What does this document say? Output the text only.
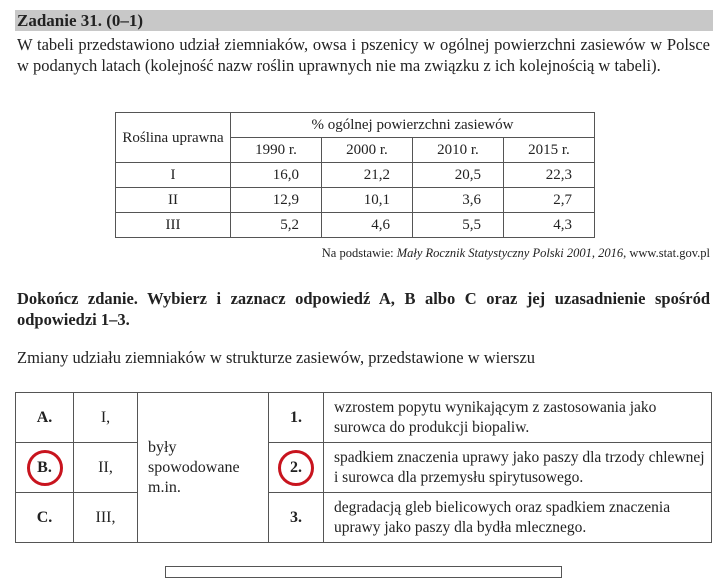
Zadanie 31. (0–1)
W tabeli przedstawiono udział ziemniaków, owsa i pszenicy w ogólnej powierzchni zasiewów w Polsce w podanych latach (kolejność nazw roślin uprawnych nie ma związku z ich kolejnością w tabeli).
Roślina uprawna	% ogólnej powierzchni zasiewów			
	1990 r.	2000 r.	2010 r.	2015 r.
I	16,0	21,2	20,5	22,3
II	12,9	10,1	3,6	2,7
III	5,2	4,6	5,5	4,3
Na podstawie: Mały Rocznik Statystyczny Polski 2001, 2016, www.stat.gov.pl
Dokończ zdanie. Wybierz i zaznacz odpowiedź A, B albo C oraz jej uzasadnienie spośród odpowiedzi 1–3.
Zmiany udziału ziemniaków w strukturze zasiewów, przedstawione w wierszu
A.	I,	były spowodowane m.in.	1.	wzrostem popytu wynikającym z zastosowania jako surowca do produkcji biopaliw.
B.	II,		2.	spadkiem znaczenia uprawy jako paszy dla trzody chlewnej i surowca dla przemysłu spirytusowego.
C.	III,		3.	degradacją gleb bielicowych oraz spadkiem znaczenia uprawy jako paszy dla bydła mlecznego.
